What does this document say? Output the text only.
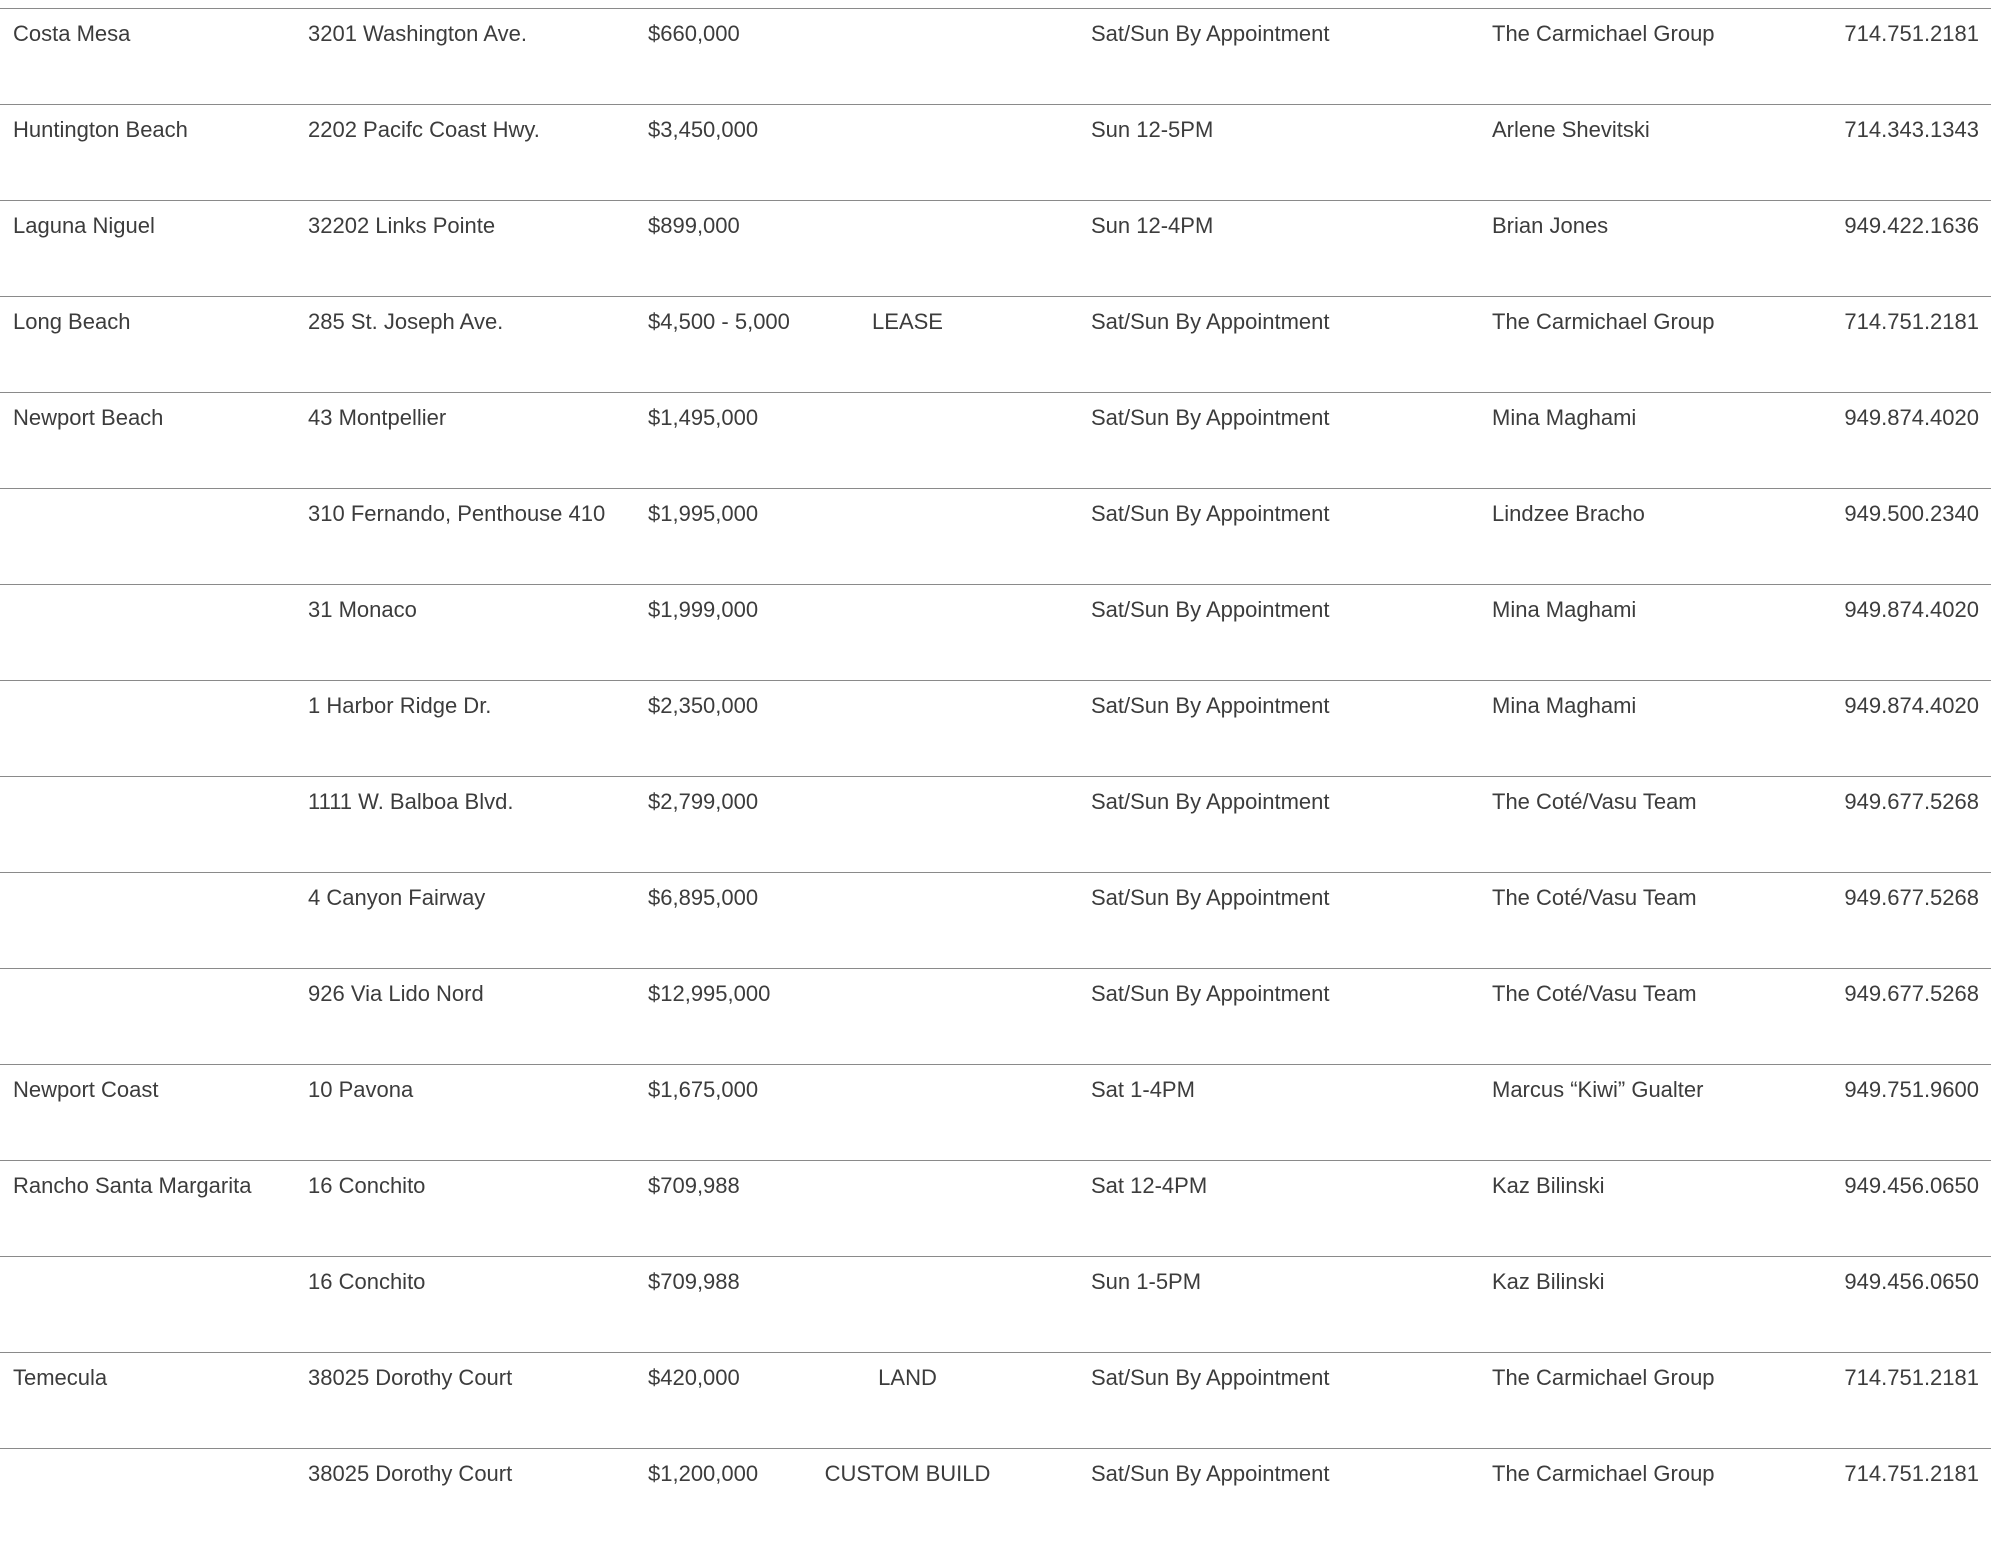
Costa Mesa	3201 Washington Ave.	$660,000	Sat/Sun By Appointment	The Carmichael Group	714.751.2181
Huntington Beach	2202 Pacifc Coast Hwy.	$3,450,000	Sun 12-5PM	Arlene Shevitski	714.343.1343
Laguna Niguel	32202 Links Pointe	$899,000	Sun 12-4PM	Brian Jones	949.422.1636
Long Beach	285 St. Joseph Ave.	$4,500 - 5,000	LEASE	Sat/Sun By Appointment	The Carmichael Group	714.751.2181
Newport Beach	43 Montpellier	$1,495,000	Sat/Sun By Appointment	Mina Maghami	949.874.4020
310 Fernando, Penthouse 410 $1,995,000	Sat/Sun By Appointment	Lindzee Bracho	949.500.2340
31 Monaco	$1,999,000	Sat/Sun By Appointment	Mina Maghami	949.874.4020
1 Harbor Ridge Dr.	$2,350,000	Sat/Sun By Appointment	Mina Maghami	949.874.4020
1111 W. Balboa Blvd.	$2,799,000	Sat/Sun By Appointment	The Coté/Vasu Team	949.677.5268
4 Canyon Fairway	$6,895,000	Sat/Sun By Appointment	The Coté/Vasu Team	949.677.5268
926 Via Lido Nord	$12,995,000	Sat/Sun By Appointment	The Coté/Vasu Team	949.677.5268
Newport Coast	10 Pavona	$1,675,000	Sat 1-4PM	Marcus “Kiwi” Gualter	949.751.9600
Rancho Santa Margarita	16 Conchito	$709,988	Sat 12-4PM	Kaz Bilinski	949.456.0650
16 Conchito	$709,988	Sun 1-5PM	Kaz Bilinski	949.456.0650
Temecula	38025 Dorothy Court	$420,000	LAND	Sat/Sun By Appointment	The Carmichael Group	714.751.2181
38025 Dorothy Court	$1,200,000	CUSTOM BUILD	Sat/Sun By Appointment	The Carmichael Group	714.751.2181
